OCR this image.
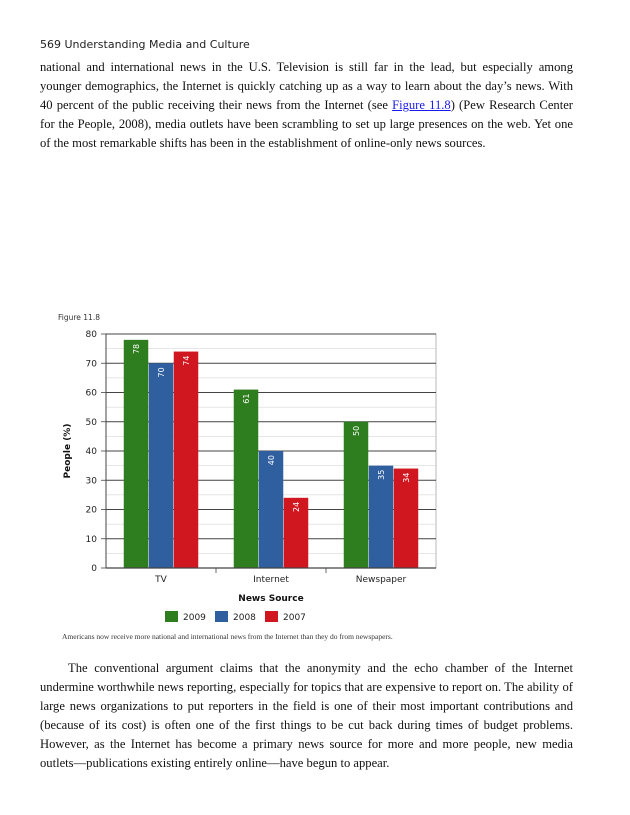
569 Understanding Media and Culture

national and international news in the U.S. Television is still far in the lead, but especially among younger demographics, the Internet is quickly catching up as a way to learn about the day’s news. With 40 percent of the public receiving their news from the Internet (see Figure 11.8) (Pew Research Center for the People, 2008), media outlets have been scrambling to set up large presences on the web. Yet one of the most remarkable shifts has been in the establishment of online-only news sources.

Figure 11.8
78
70
74
61
40
24
50
35 34
0
10
20
30
40
50
60
70
80
TV	Internet	Newspaper
News Source
People (%)
2009	2008	2007
Americans now receive more national and international news from the Internet than they do from newspapers.

The conventional argument claims that the anonymity and the echo chamber of the Internet undermine worthwhile news reporting, especially for topics that are expensive to report on. The ability of large news organizations to put reporters in the field is one of their most important contributions and (because of its cost) is often one of the first things to be cut back during times of budget problems. However, as the Internet has become a primary news source for more and more people, new media outlets—publications existing entirely online—have begun to appear.
